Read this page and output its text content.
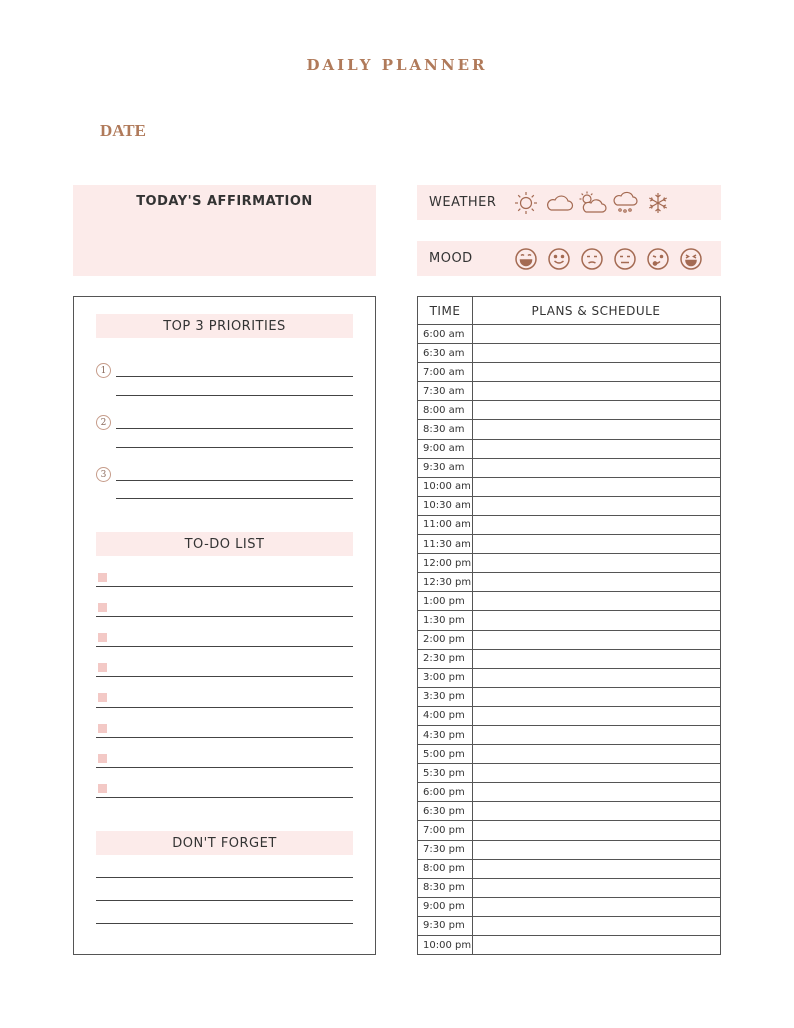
DAILY PLANNER
DATE
TODAY'S AFFIRMATION	WEATHER
MOOD
TOP 3 PRIORITIES
1
2
3
TO-DO LIST
DON'T FORGET
TIME	PLANS & SCHEDULE
6:00 am
6:30 am
7:00 am
7:30 am
8:00 am
8:30 am
9:00 am
9:30 am
10:00 am
10:30 am
11:00 am
11:30 am
12:00 pm
12:30 pm
1:00 pm
1:30 pm
2:00 pm
2:30 pm
3:00 pm
3:30 pm
4:00 pm
4:30 pm
5:00 pm
5:30 pm
6:00 pm
6:30 pm
7:00 pm
7:30 pm
8:00 pm
8:30 pm
9:00 pm
9:30 pm
10:00 pm
